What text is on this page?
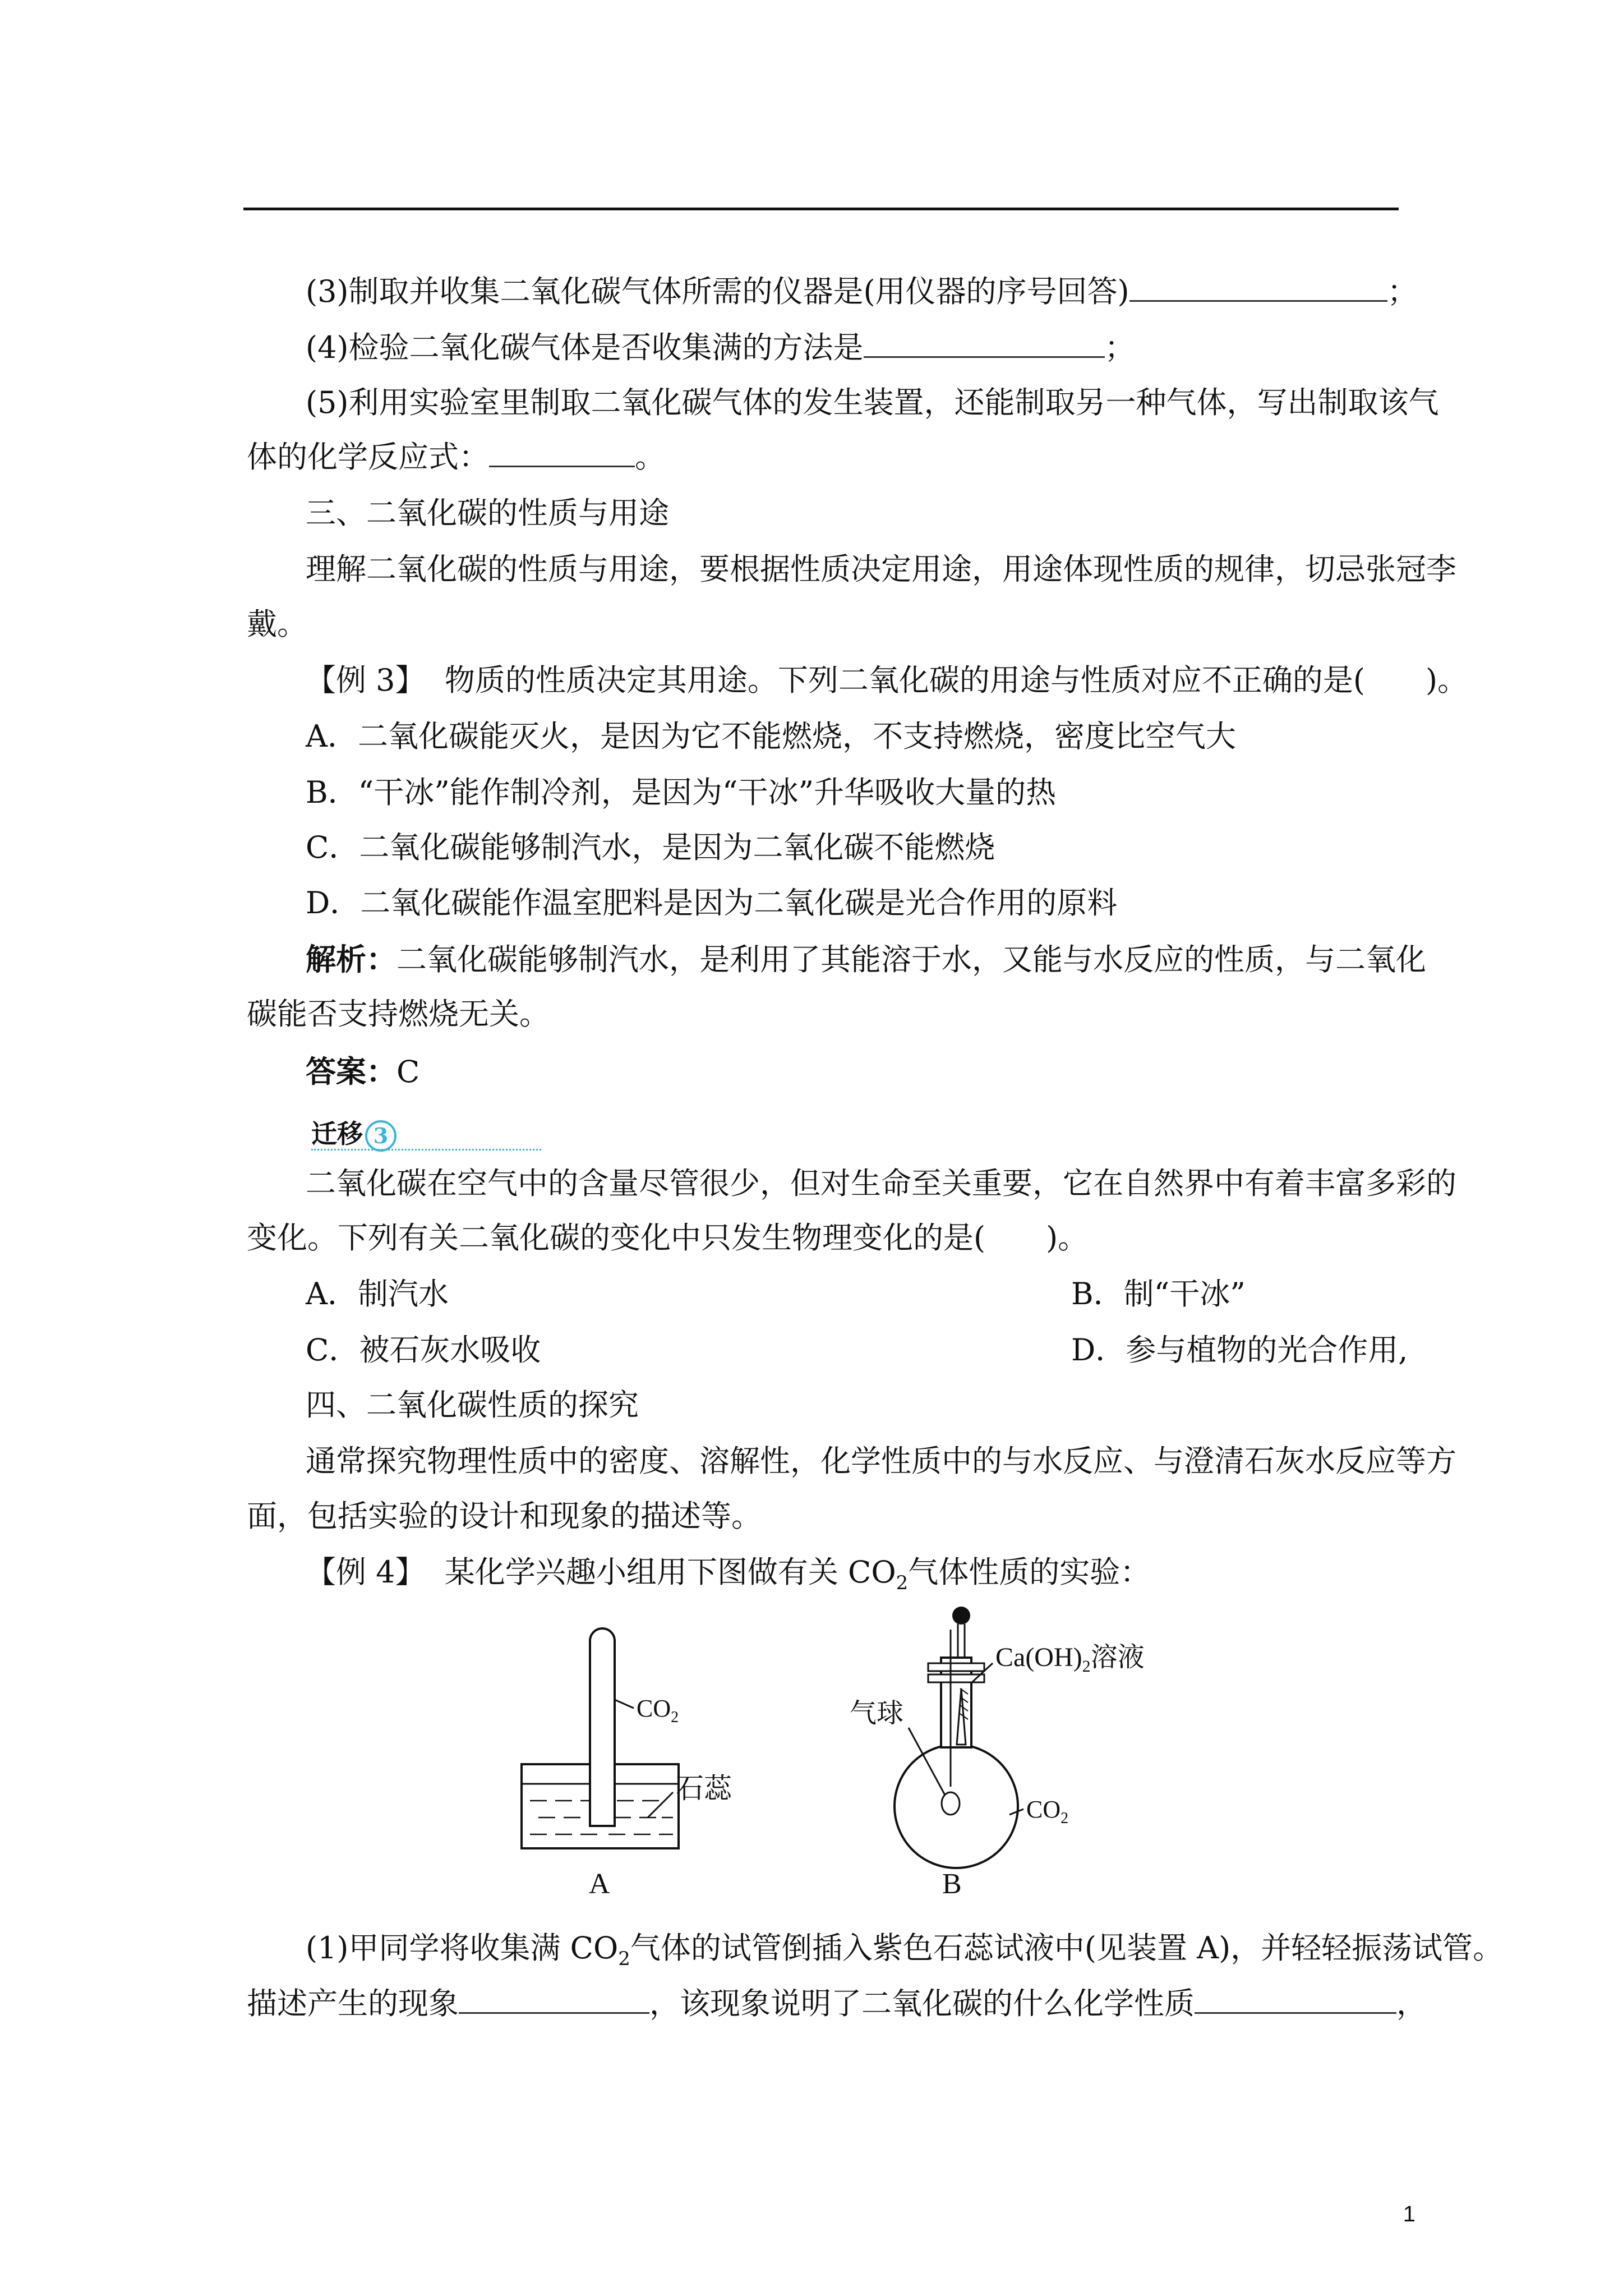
(3)制取并收集二氧化碳气体所需的仪器是(用仪器的序号回答)	；
(4)检验二氧化碳气体是否收集满的方法是	；
(5)利用实验室里制取二氧化碳气体的发生装置，还能制取另一种气体，写出制取该气
体的化学反应式：	。
三、二氧化碳的性质与用途
理解二氧化碳的性质与用途，要根据性质决定用途，用途体现性质的规律，切忌张冠李
戴。
【例 3】 物质的性质决定其用途。下列二氧化碳的用途与性质对应不正确的是(　　)。
A．二氧化碳能灭火，是因为它不能燃烧，不支持燃烧，密度比空气大
B．“干冰”能作制冷剂，是因为“干冰”升华吸收大量的热
C．二氧化碳能够制汽水，是因为二氧化碳不能燃烧
D．二氧化碳能作温室肥料是因为二氧化碳是光合作用的原料
解析：二氧化碳能够制汽水，是利用了其能溶于水，又能与水反应的性质，与二氧化
碳能否支持燃烧无关。
答案：C
迁移 3
二氧化碳在空气中的含量尽管很少，但对生命至关重要，它在自然界中有着丰富多彩的
变化。下列有关二氧化碳的变化中只发生物理变化的是(　　)。
A．制汽水	B．制“干冰”
C．被石灰水吸收	D．参与植物的光合作用,
四、二氧化碳性质的探究
通常探究物理性质中的密度、溶解性，化学性质中的与水反应、与澄清石灰水反应等方
面，包括实验的设计和现象的描述等。
【例 4】 某化学兴趣小组用下图做有关 $CO_2$气体性质的实验：
$CO_2$
石蕊
A
$Ca(OH)_2$溶液
气球
$CO_2$
B
(1)甲同学将收集满 $CO_2$气体的试管倒插入紫色石蕊试液中(见装置 A)，并轻轻振荡试管。
描述产生的现象	，该现象说明了二氧化碳的什么化学性质	，
1
